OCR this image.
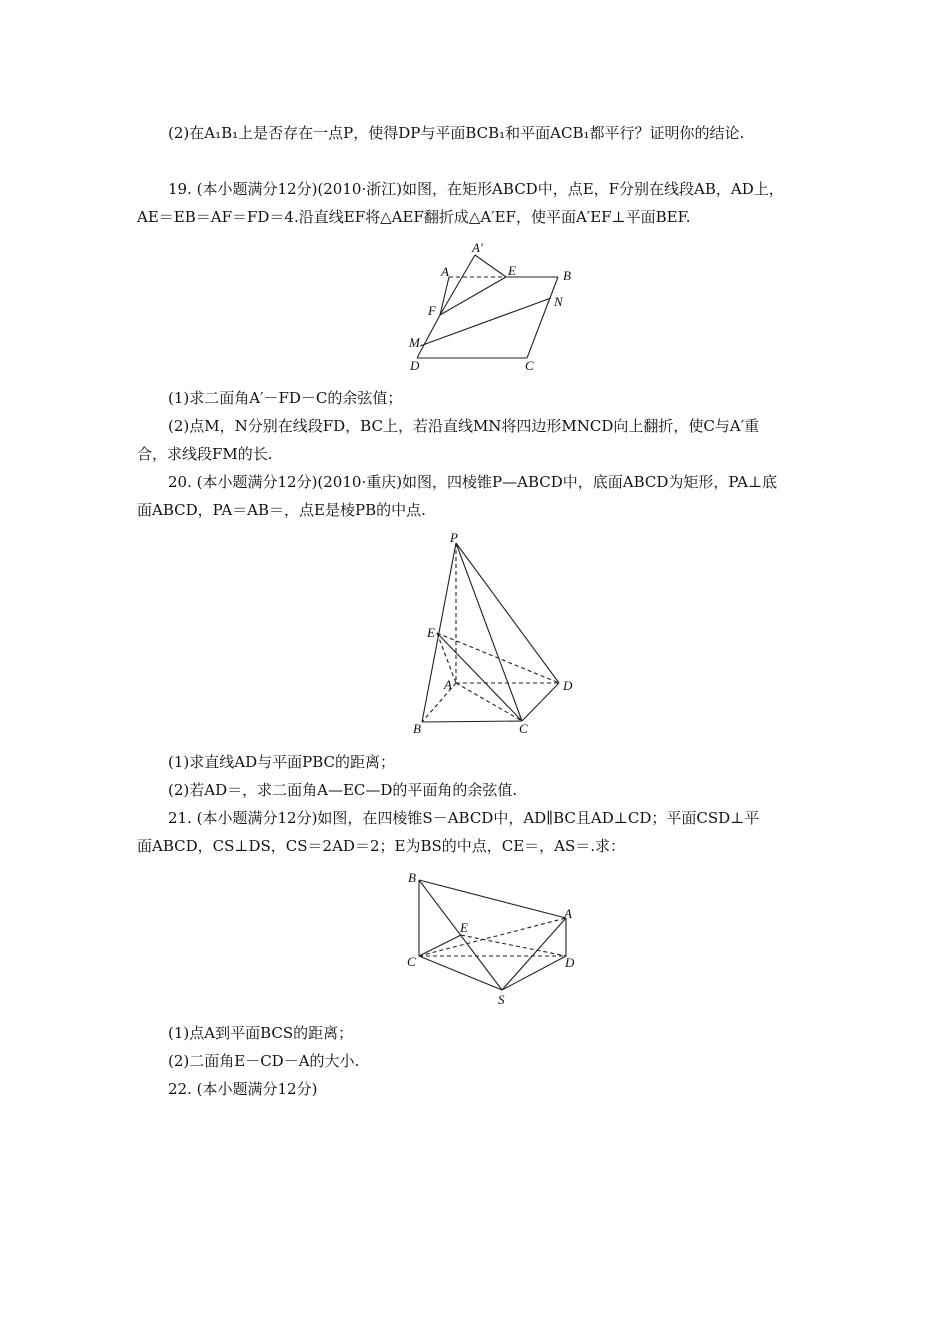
(2)在A₁B₁上是否存在一点P，使得DP与平面BCB₁和平面ACB₁都平行？证明你的结论.
19. (本小题满分12分)(2010·浙江)如图，在矩形ABCD中，点E，F分别在线段AB，AD上，
AE＝EB＝AF＝FD＝4.沿直线EF将△AEF翻折成△A′EF，使平面A′EF⊥平面BEF.
A′
A	E	B
F
N
M
D	C
(1)求二面角A′－FD－C的余弦值；
(2)点M，N分别在线段FD，BC上，若沿直线MN将四边形MNCD向上翻折，使C与A′重
合，求线段FM的长.
20. (本小题满分12分)(2010·重庆)如图，四棱锥P—ABCD中，底面ABCD为矩形，PA⊥底
面ABCD，PA＝AB＝，点E是棱PB的中点.
P
E
A	D
B	C
(1)求直线AD与平面PBC的距离；
(2)若AD＝，求二面角A—EC—D的平面角的余弦值.
21. (本小题满分12分)如图，在四棱锥S－ABCD中，AD∥BC且AD⊥CD；平面CSD⊥平
面ABCD，CS⊥DS，CS＝2AD＝2；E为BS的中点，CE＝，AS＝.求：
B
A
E
C	D
S
(1)点A到平面BCS的距离；
(2)二面角E－CD－A的大小.
22. (本小题满分12分)
